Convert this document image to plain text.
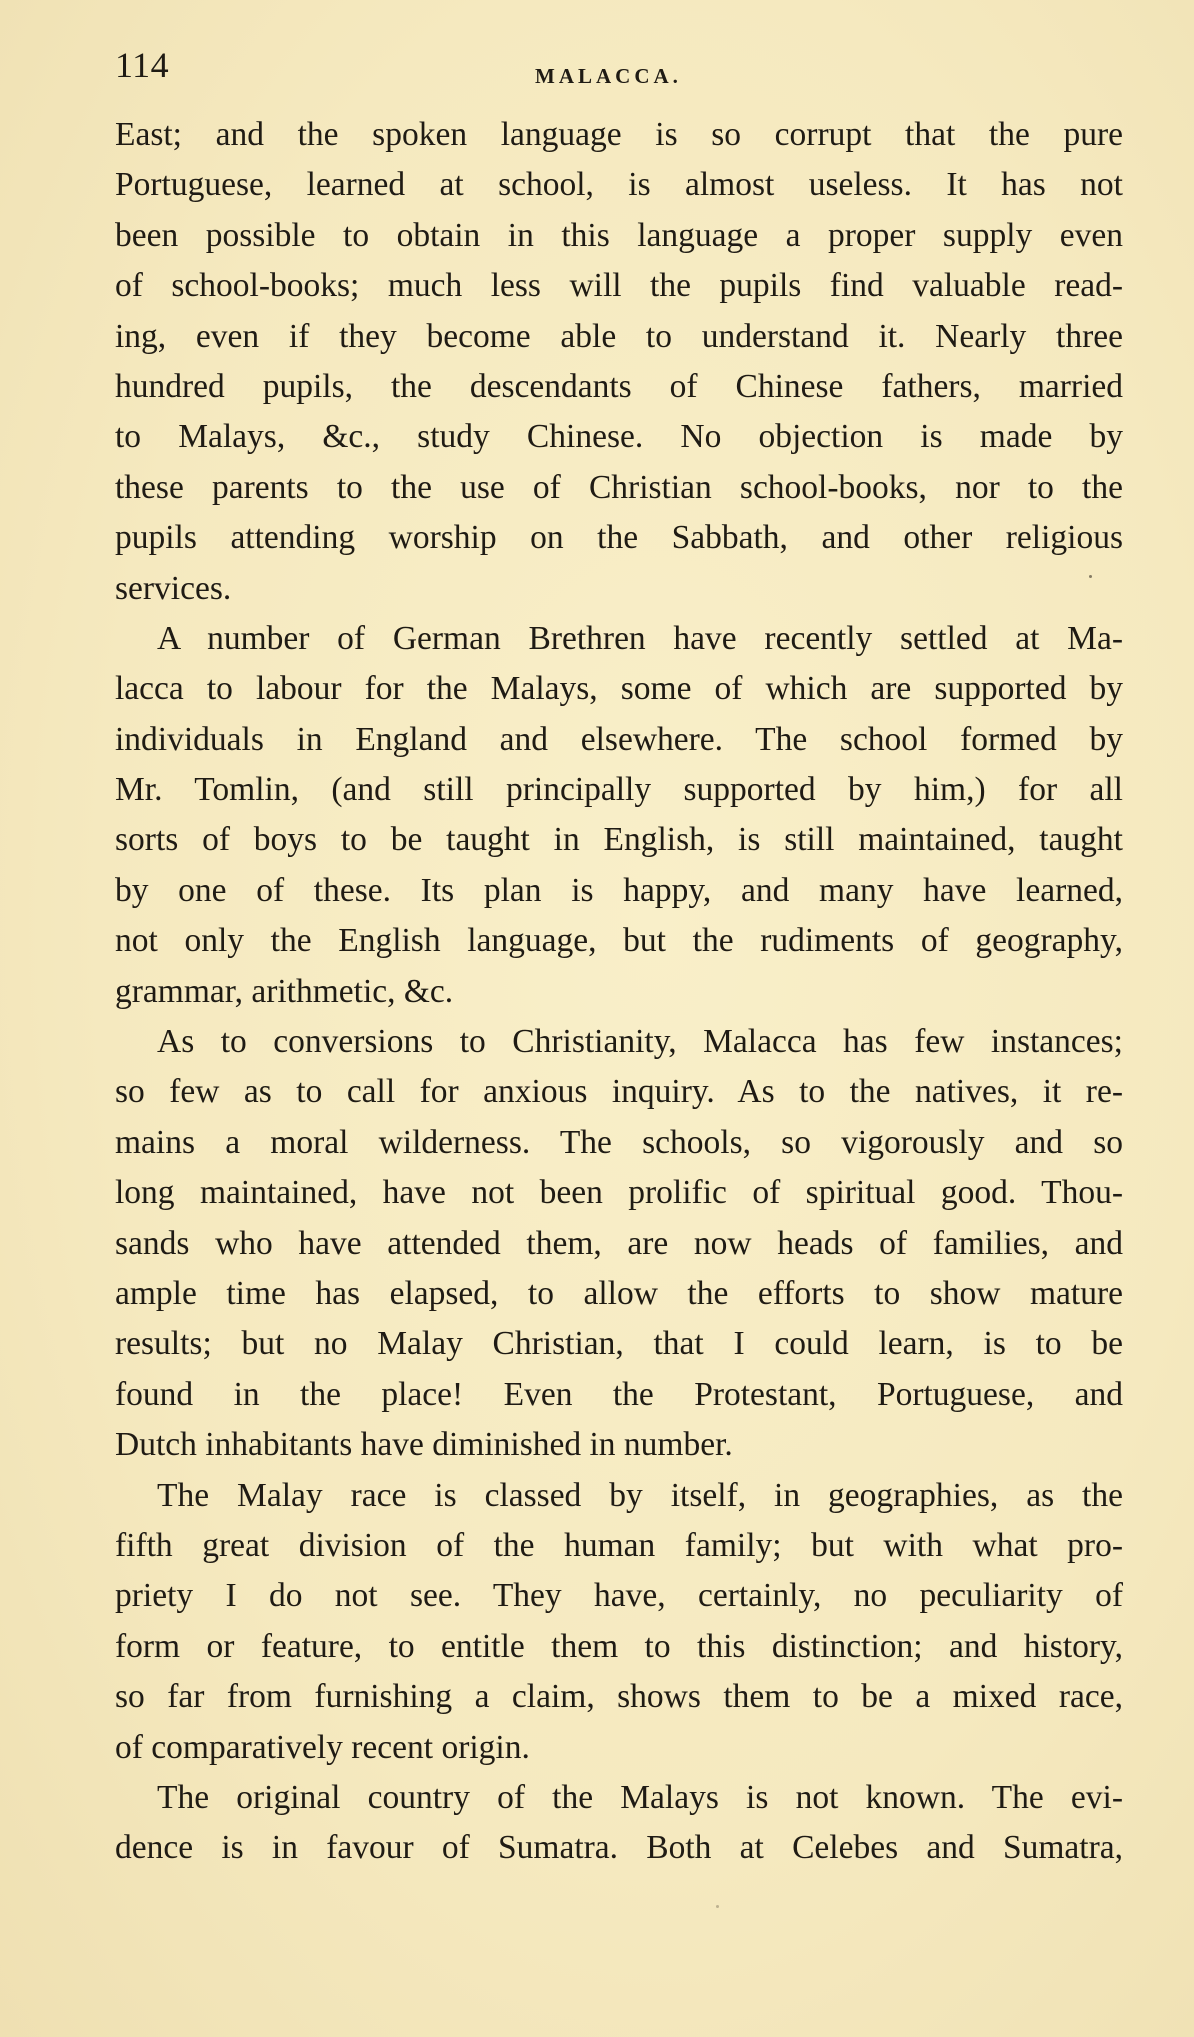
114	MALACCA.

East; and the spoken language is so corrupt that the pure
Portuguese, learned at school, is almost useless. It has not
been possible to obtain in this language a proper supply even
of school-books; much less will the pupils find valuable read-
ing, even if they become able to understand it. Nearly three
hundred pupils, the descendants of Chinese fathers, married
to Malays, &c., study Chinese. No objection is made by
these parents to the use of Christian school-books, nor to the
pupils attending worship on the Sabbath, and other religious
services.

A number of German Brethren have recently settled at Ma-
lacca to labour for the Malays, some of which are supported by
individuals in England and elsewhere. The school formed by
Mr. Tomlin, (and still principally supported by him,) for all
sorts of boys to be taught in English, is still maintained, taught
by one of these. Its plan is happy, and many have learned,
not only the English language, but the rudiments of geography,
grammar, arithmetic, &c.

As to conversions to Christianity, Malacca has few instances;
so few as to call for anxious inquiry. As to the natives, it re-
mains a moral wilderness. The schools, so vigorously and so
long maintained, have not been prolific of spiritual good. Thou-
sands who have attended them, are now heads of families, and
ample time has elapsed, to allow the efforts to show mature
results; but no Malay Christian, that I could learn, is to be
found in the place! Even the Protestant, Portuguese, and
Dutch inhabitants have diminished in number.

The Malay race is classed by itself, in geographies, as the
fifth great division of the human family; but with what pro-
priety I do not see. They have, certainly, no peculiarity of
form or feature, to entitle them to this distinction; and history,
so far from furnishing a claim, shows them to be a mixed race,
of comparatively recent origin.

The original country of the Malays is not known. The evi-
dence is in favour of Sumatra. Both at Celebes and Sumatra,
